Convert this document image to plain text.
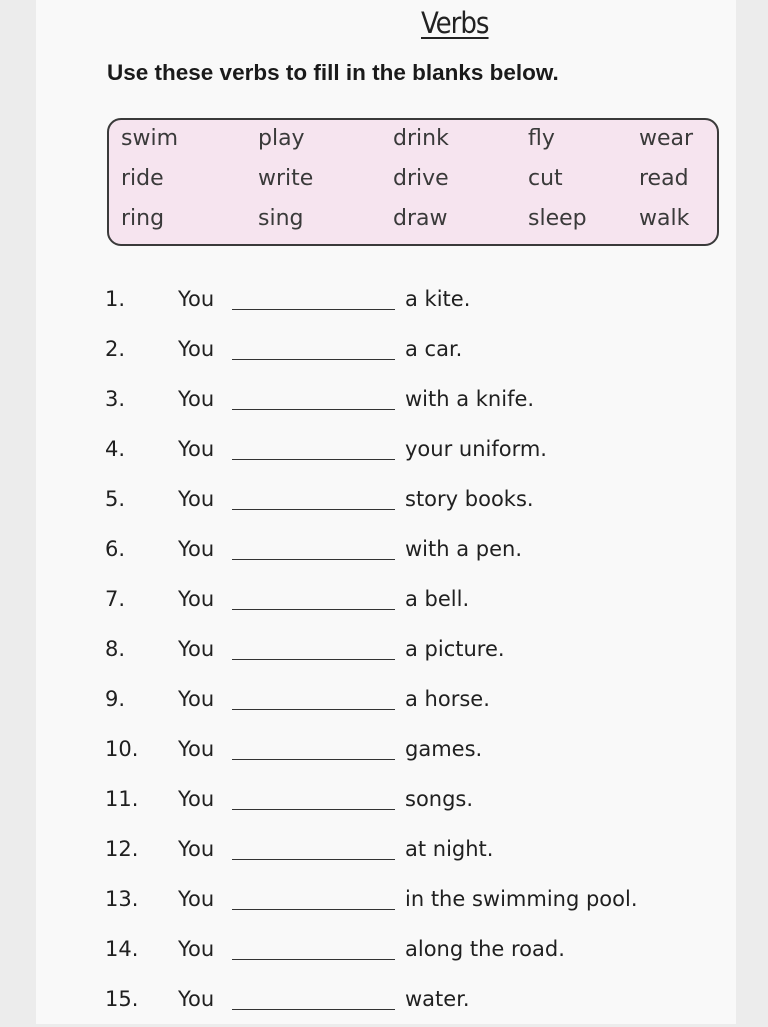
Verbs
Use these verbs to fill in the blanks below.
swim	play	drink	fly	wear
ride	write	drive	cut	read
ring	sing	draw	sleep walk
1.	You	a kite.
2.	You	a car.
3.	You	with a knife.
4.	You	your uniform.
5.	You	story books.
6.	You	with a pen.
7.	You	a bell.
8.	You	a picture.
9.	You	a horse.
10. You	games.
11. You	songs.
12. You	at night.
13. You	in the swimming pool.
14. You	along the road.
15. You	water.
